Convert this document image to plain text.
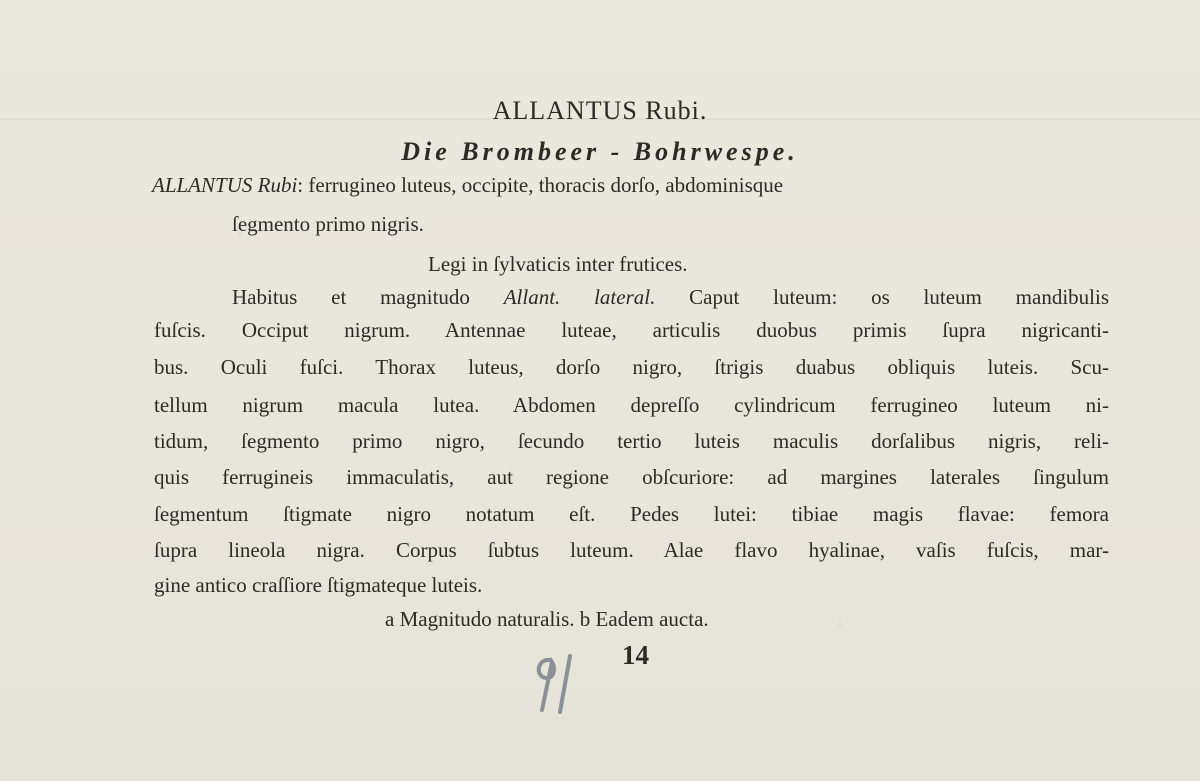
ALLANTUS Rubi.
Die Brombeer - Bohrwespe.
ALLANTUS Rubi: ferrugineo luteus, occipite, thoracis dorſo, abdominisque
ſegmento primo nigris.
Legi in ſylvaticis inter frutices.
Habitus et magnitudo Allant. lateral. Caput luteum: os luteum mandibulis
fuſcis. Occiput nigrum. Antennae luteae, articulis duobus primis ſupra nigricanti-
bus. Oculi fuſci. Thorax luteus, dorſo nigro, ſtrigis duabus obliquis luteis. Scu-
tellum nigrum macula lutea. Abdomen depreſſo cylindricum ferrugineo luteum ni-
tidum, ſegmento primo nigro, ſecundo tertio luteis maculis dorſalibus nigris, reli-
quis ferrugineis immaculatis, aut regione obſcuriore: ad margines laterales ſingulum
ſegmentum ſtigmate nigro notatum eſt. Pedes lutei: tibiae magis flavae: femora
ſupra lineola nigra. Corpus ſubtus luteum. Alae flavo hyalinae, vaſis fuſcis, mar-
gine antico craſſiore ſtigmateque luteis.
a Magnitudo naturalis. b Eadem aucta.
14
